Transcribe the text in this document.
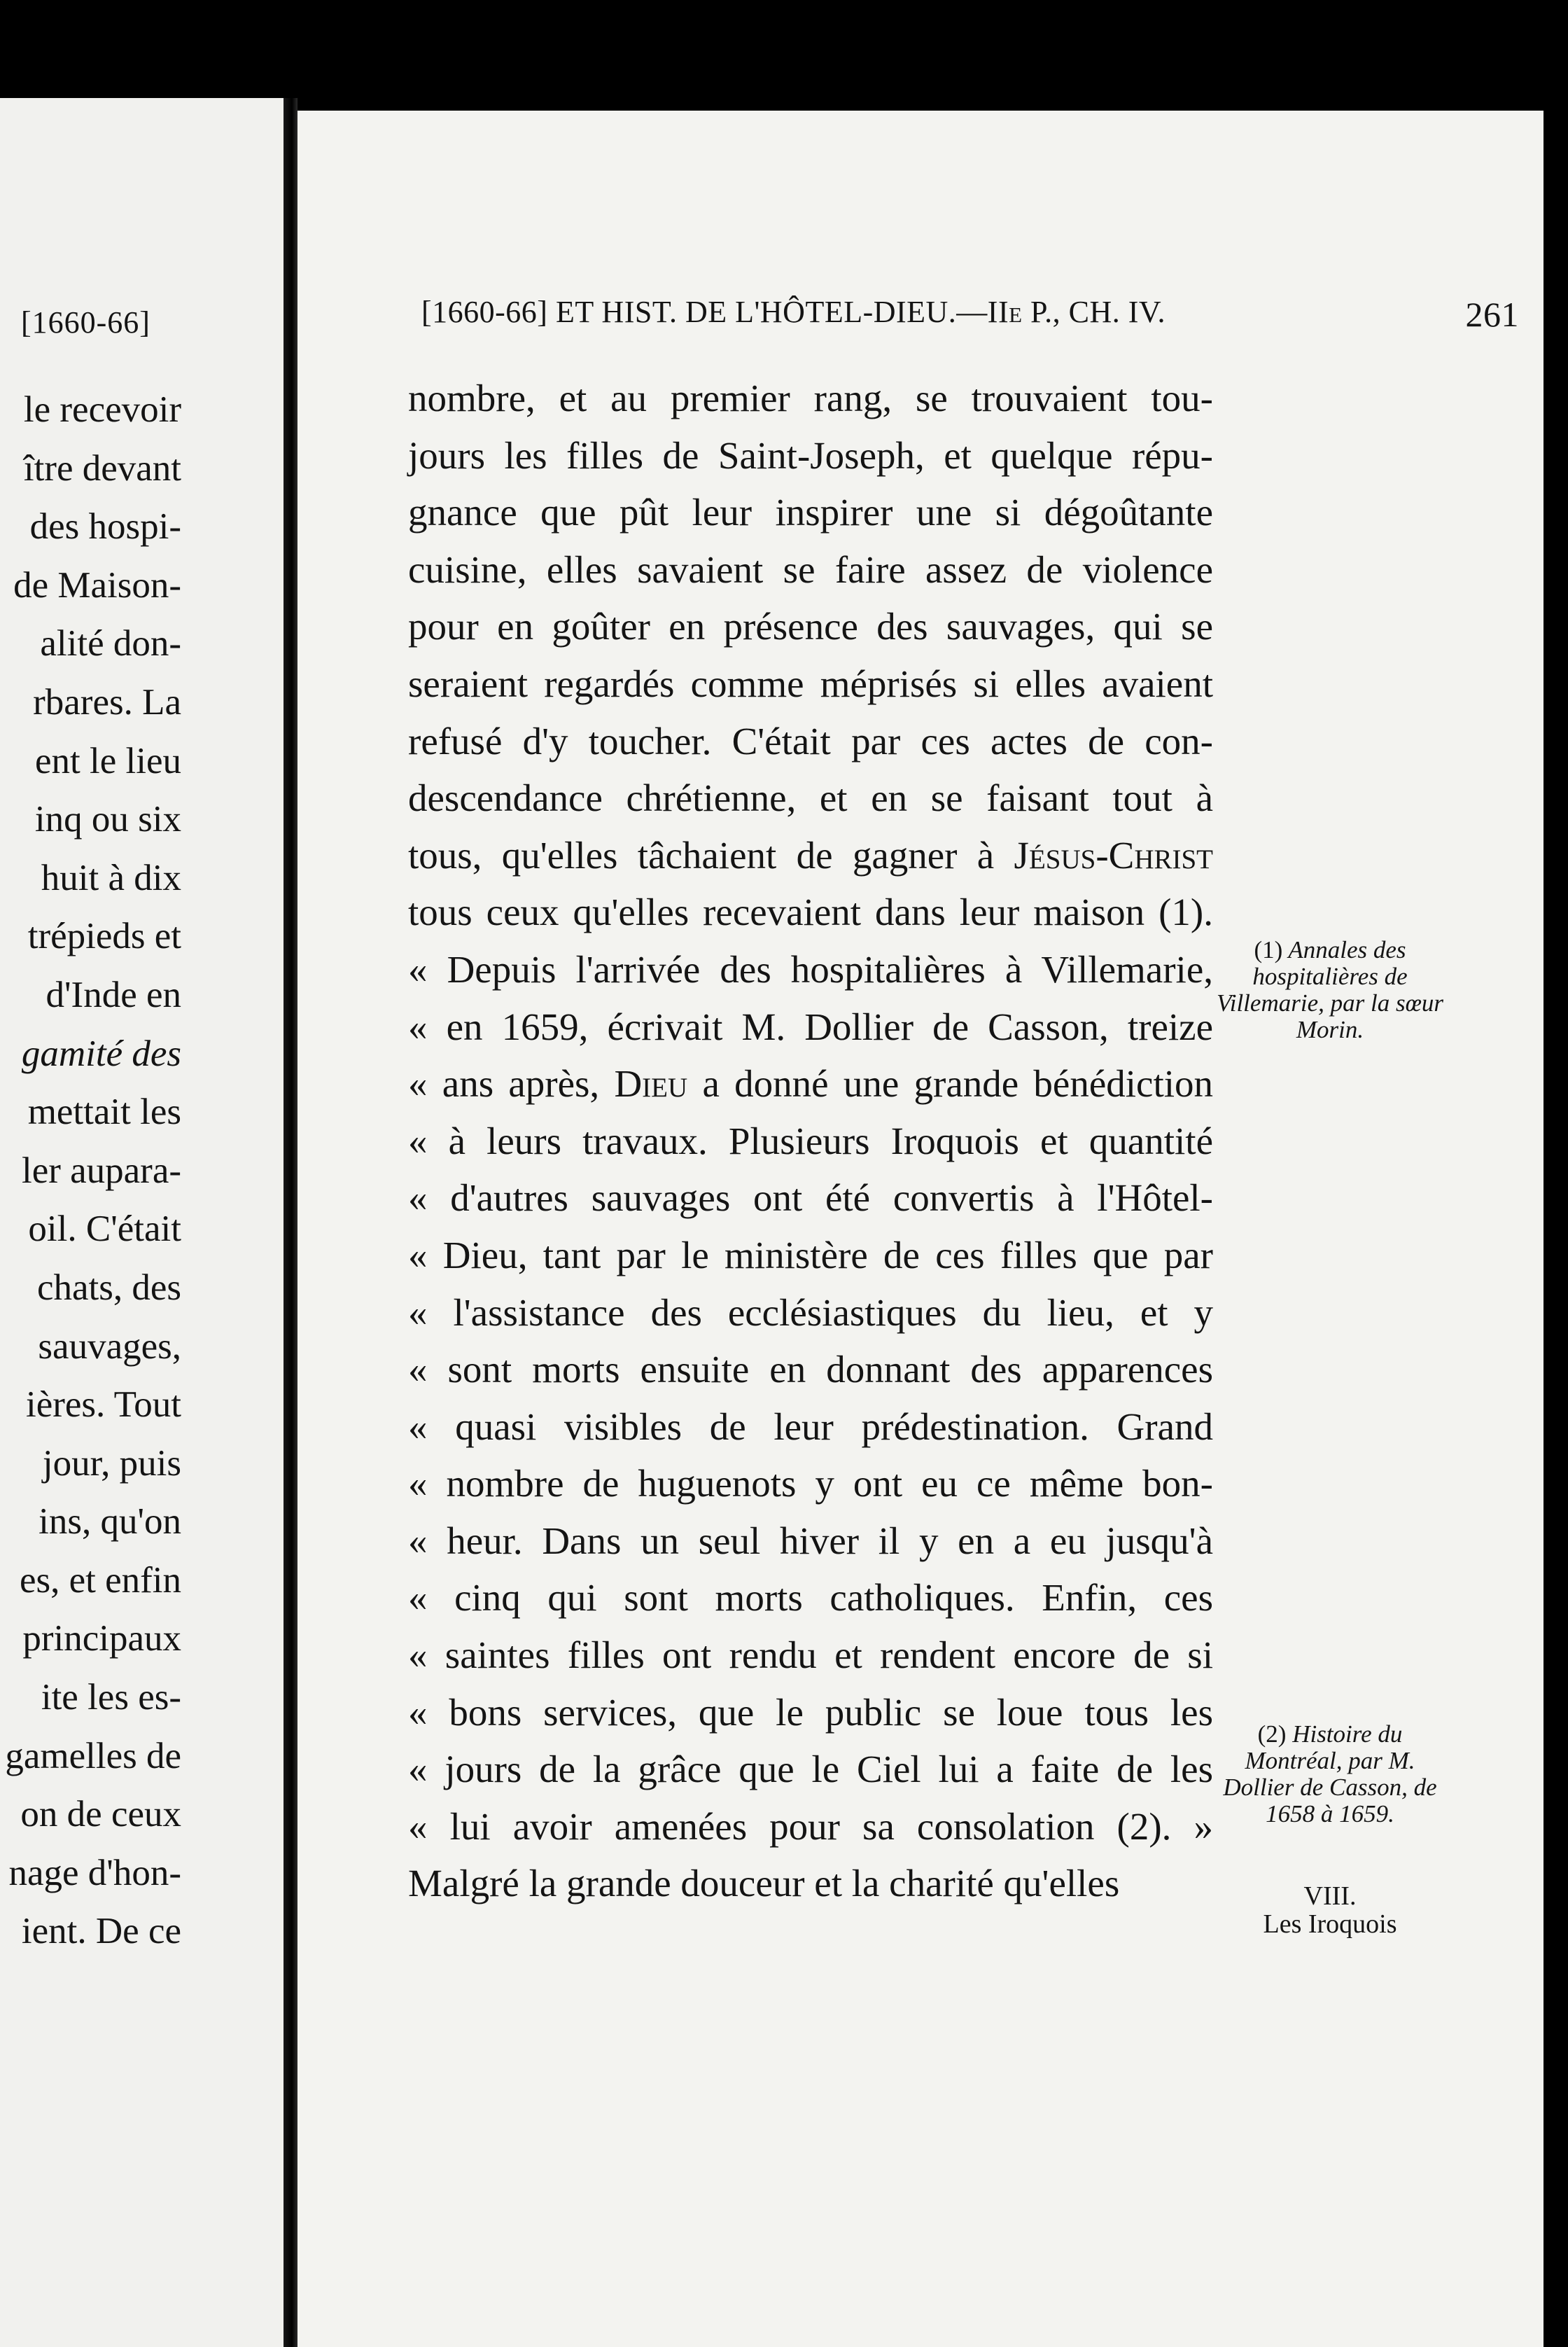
[1660-66]
le recevoir
ître devant
des hospi-
de Maison-
alité don-
rbares. La
ent le lieu
inq ou six
huit à dix
trépieds et
d'Inde en
gamité des
mettait les
ler aupara-
oil. C'était
chats, des
sauvages,
ières. Tout
jour, puis
ins, qu'on
es, et enfin
principaux
ite les es-
gamelles de
on de ceux
nage d'hon-
ient. De ce
[1660-66] ET HIST. DE L'HÔTEL-DIEU.—IIe P., CH. IV.	261
nombre, et au premier rang, se trouvaient tou-
jours les filles de Saint-Joseph, et quelque répu-
gnance que pût leur inspirer une si dégoûtante
cuisine, elles savaient se faire assez de violence
pour en goûter en présence des sauvages, qui se
seraient regardés comme méprisés si elles avaient
refusé d'y toucher. C'était par ces actes de con-
descendance chrétienne, et en se faisant tout à
tous, qu'elles tâchaient de gagner à Jésus-Christ
tous ceux qu'elles recevaient dans leur maison (1).
« Depuis l'arrivée des hospitalières à Villemarie,
« en 1659, écrivait M. Dollier de Casson, treize
« ans après, Dieu a donné une grande bénédiction
« à leurs travaux. Plusieurs Iroquois et quantité
« d'autres sauvages ont été convertis à l'Hôtel-
« Dieu, tant par le ministère de ces filles que par
« l'assistance des ecclésiastiques du lieu, et y
« sont morts ensuite en donnant des apparences
« quasi visibles de leur prédestination. Grand
« nombre de huguenots y ont eu ce même bon-
« heur. Dans un seul hiver il y en a eu jusqu'à
« cinq qui sont morts catholiques. Enfin, ces
« saintes filles ont rendu et rendent encore de si
« bons services, que le public se loue tous les
« jours de la grâce que le Ciel lui a faite de les
« lui avoir amenées pour sa consolation (2). »
Malgré la grande douceur et la charité qu'elles
(1) Annales des hospitalières de Villemarie, par la sœur Morin.
(2) Histoire du Montréal, par M. Dollier de Casson, de 1658 à 1659.
VIII.
Les Iroquois
